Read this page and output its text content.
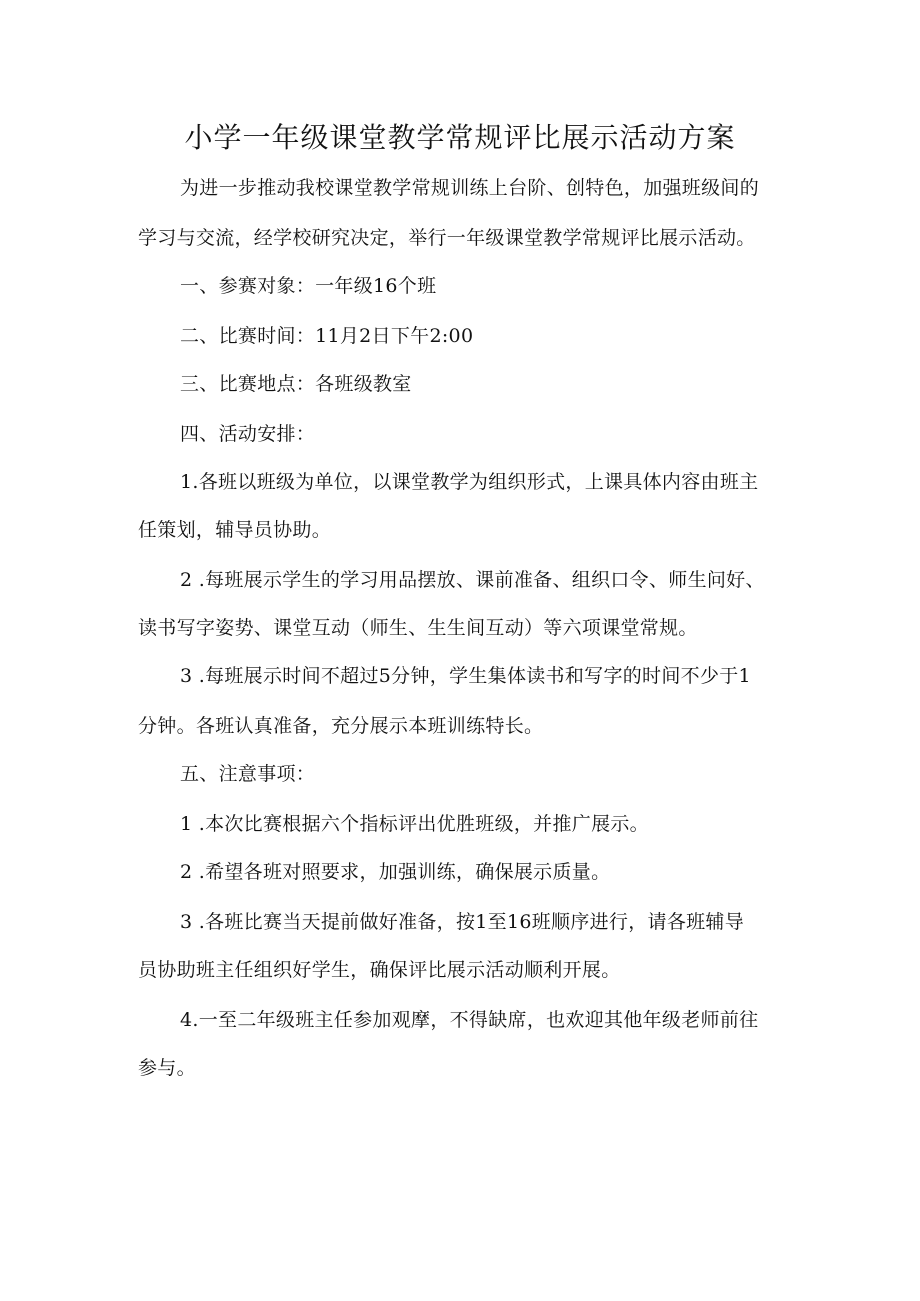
小学一年级课堂教学常规评比展示活动方案
为进一步推动我校课堂教学常规训练上台阶、创特色，加强班级间的
学习与交流，经学校研究决定，举行一年级课堂教学常规评比展示活动。
一、参赛对象：一年级16个班
二、比赛时间：11月2日下午2:00
三、比赛地点：各班级教室
四、活动安排：
1.各班以班级为单位，以课堂教学为组织形式，上课具体内容由班主
任策划，辅导员协助。
2 .每班展示学生的学习用品摆放、课前准备、组织口令、师生问好、
读书写字姿势、课堂互动（师生、生生间互动）等六项课堂常规。
3 .每班展示时间不超过5分钟，学生集体读书和写字的时间不少于1
分钟。各班认真准备，充分展示本班训练特长。
五、注意事项：
1 .本次比赛根据六个指标评出优胜班级，并推广展示。
2 .希望各班对照要求，加强训练，确保展示质量。
3 .各班比赛当天提前做好准备，按1至16班顺序进行，请各班辅导
员协助班主任组织好学生，确保评比展示活动顺利开展。
4.一至二年级班主任参加观摩，不得缺席，也欢迎其他年级老师前往
参与。
